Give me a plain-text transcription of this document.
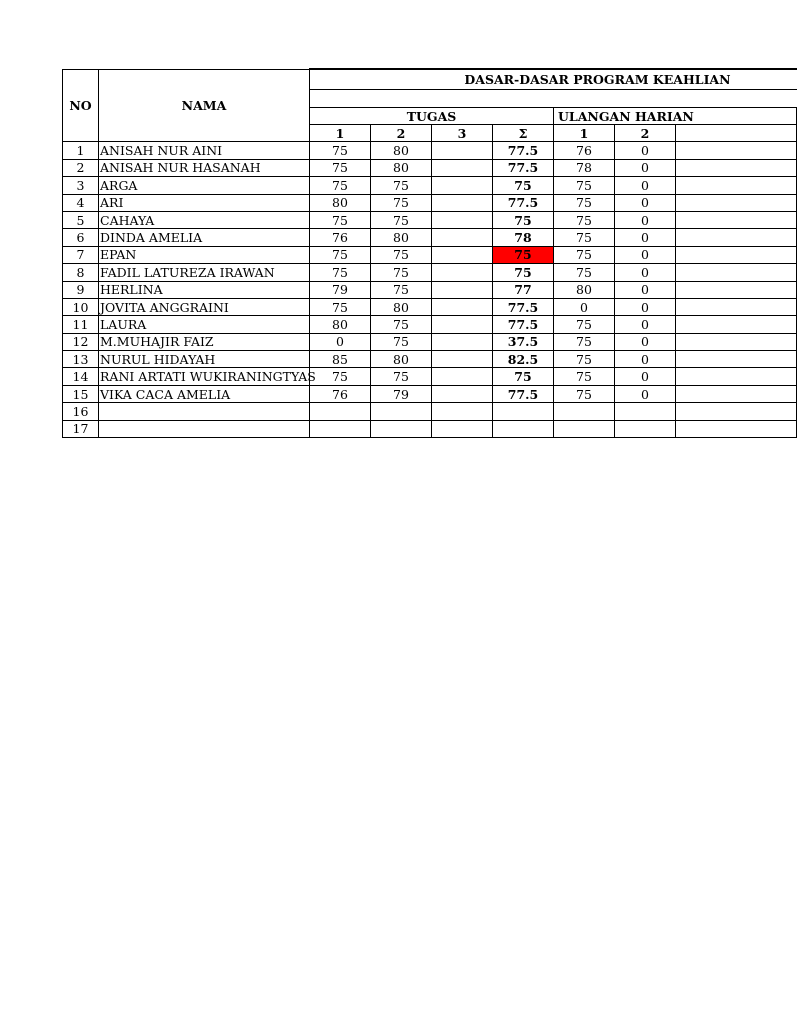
NO	NAMA	DASAR-DASAR PROGRAM KEAHLIAN						

		TUGAS				ULANGAN HARIAN		
		1	2	3	Σ	1	2	
1	ANISAH NUR AINI	75	80		77.5	76	0	
2	ANISAH NUR HASANAH	75	80		77.5	78	0	
3	ARGA	75	75		75	75	0	
4	ARI	80	75		77.5	75	0	
5	CAHAYA	75	75		75	75	0	
6	DINDA AMELIA	76	80		78	75	0	
7	EPAN	75	75		75	75	0	
8	FADIL LATUREZA IRAWAN	75	75		75	75	0	
9	HERLINA	79	75		77	80	0	
10	JOVITA ANGGRAINI	75	80		77.5	0	0	
11	LAURA	80	75		77.5	75	0	
12	M.MUHAJIR FAIZ	0	75		37.5	75	0	
13	NURUL HIDAYAH	85	80		82.5	75	0	
14	RANI ARTATI WUKIRANINGTYAS	75	75		75	75	0	
15	VIKA CACA AMELIA	76	79		77.5	75	0	
16								
17								
